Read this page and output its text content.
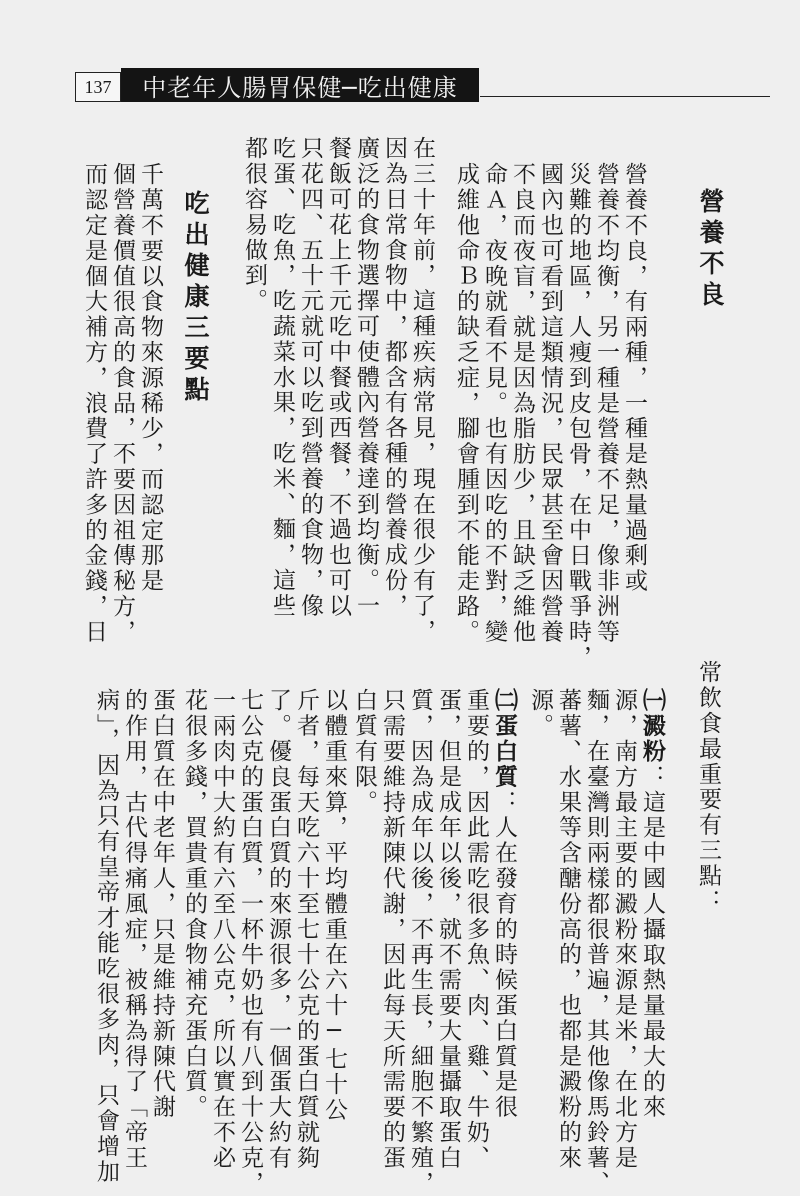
137	中老年人腸胃保健─吃出健康
營養不良

營養不良，有兩種，一種是熱量過剩或

營養不均衡，另一種是營養不足，像非洲等

災難的地區，人瘦到皮包骨，在中日戰爭時，

國內也可看到這類情況，民眾甚至會因營養

不良而夜盲，就是因為脂肪少，且缺乏維他

命Ａ，夜晚就看不見。也有因吃的不對，變

成維他命Ｂ的缺乏症，腳會腫到不能走路。

在三十年前，這種疾病常見，現在很少有了，

因為日常食物中，都含有各種的營養成份，

廣泛的食物選擇可使體內營養達到均衡。一

餐飯可花上千元吃中餐或西餐，不過也可以

只花四、五十元就可以吃到營養的食物，像

吃蛋、吃魚，吃蔬菜水果，吃米、麵，這些

都很容易做到。

吃出健康三要點

千萬不要以食物來源稀少，而認定那是

個營養價值很高的食品，不要因祖傳秘方，

而認定是個大補方，浪費了許多的金錢，日

常飲食最重要有三點：

㈠澱粉：這是中國人攝取熱量最大的來

源，南方最主要的澱粉來源是米，在北方是

麵，在臺灣則兩樣都很普遍，其他像馬鈴薯、

蕃薯、水果等含醣份高的，也都是澱粉的來

源。

㈡蛋白質：人在發育的時候蛋白質是很

重要的，因此需吃很多魚、肉、雞、牛奶、

蛋，但是成年以後，就不需要大量攝取蛋白

質，因為成年以後，不再生長，細胞不繁殖，

只需要維持新陳代謝，因此每天所需要的蛋

白質有限。

以體重來算，平均體重在六十─七十公

斤者，每天吃六十至七十公克的蛋白質就夠

了。優良蛋白質的來源很多，一個蛋大約有

七公克的蛋白質，一杯牛奶也有八到十公克，

一兩肉中大約有六至八公克，所以實在不必

花很多錢，買貴重的食物補充蛋白質。

蛋白質在中老年人，只是維持新陳代謝

的作用，古代得痛風症，被稱為得了「帝王

病」，因為只有皇帝才能吃很多肉，只會增加
